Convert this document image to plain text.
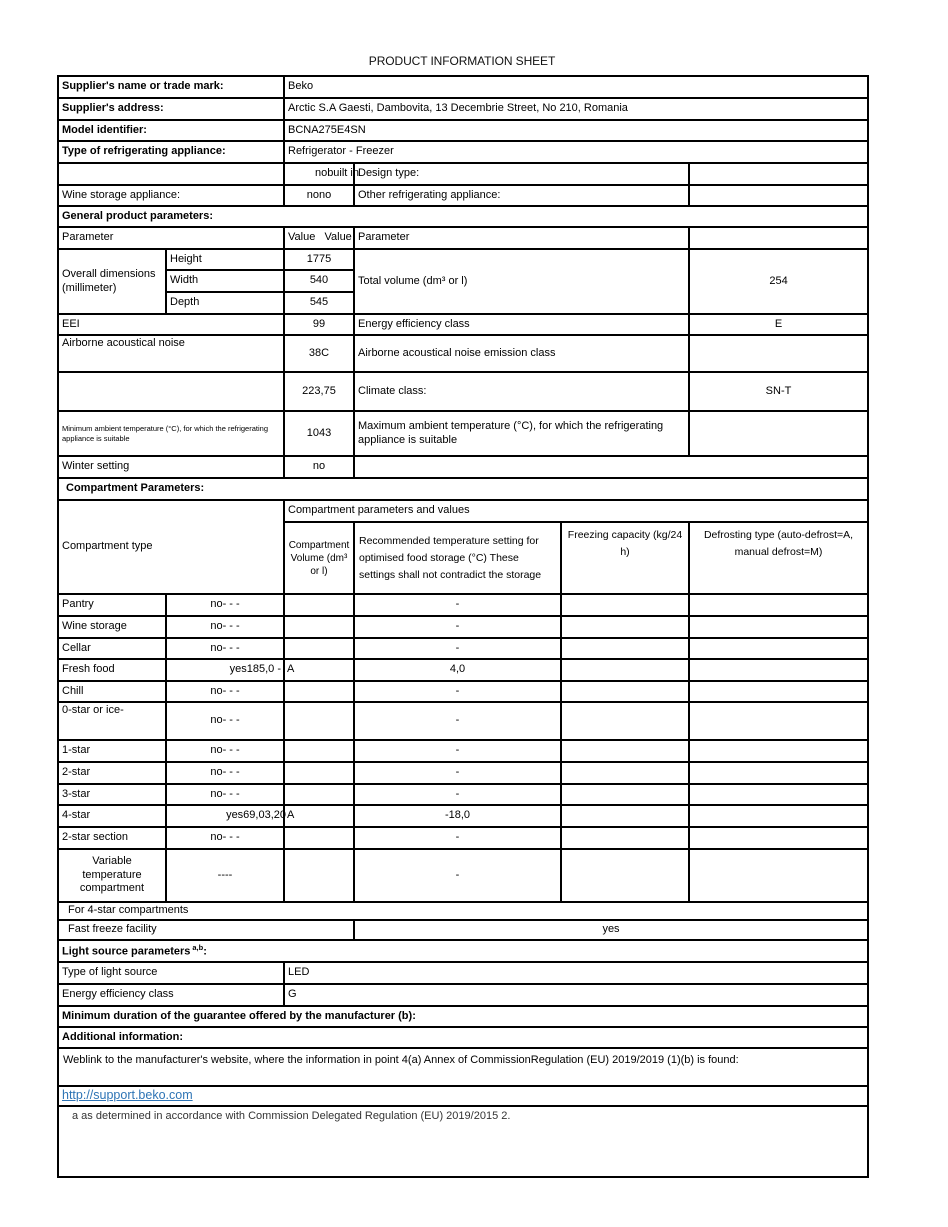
PRODUCT INFORMATION SHEET
Supplier's name or trade mark:		Beko			
Supplier's address:		Arctic S.A Gaesti, Dambovita, 13 Decembrie Street, No 210, Romania			
Model identifier:		BCNA275E4SN			
Type of refrigerating appliance:		Refrigerator - Freezer			

		nobuilt in	Design type:		
Wine storage appliance:		nono	Other refrigerating appliance:		
General product parameters:					
Parameter		Value   Value	Parameter		
Overall dimensions (millimeter)	Height	1775	Total volume (dm³ or l)		254
	Width	540			
	Depth	545			
EEI		99	Energy efficiency class		E
Airborne acoustical noise		38C	Airborne acoustical noise emission class		
		223,75	Climate class:		SN-T
Minimum ambient temperature (°C), for which the refrigerating appliance is suitable		1043	Maximum ambient temperature (°C), for which the refrigerating appliance is suitable		
Winter setting		no			
Compartment Parameters:					
Compartment type		Compartment parameters and values			
		Compartment Volume (dm³ or l)	Recommended temperature setting for optimised food storage (°C) These settings shall not contradict the storage	Freezing capacity (kg/24 h)	Defrosting type (auto-defrost=A, manual defrost=M)
Pantry	no- - -		-		
Wine storage	no- - -		-		
Cellar	no- - -		-		
Fresh food	yes185,0 -	A	4,0		
Chill	no- - -		-		
0-star or ice-	no- - -		-		
1-star	no- - -		-		
2-star	no- - -		-		
3-star	no- - -		-		
4-star	yes69,03,20	A	-18,0		
2-star section	no- - -		-		
Variable temperature compartment	----		-		
For 4-star compartments					
Fast freeze facility			yes		
Light source parameters $^{a,b}$:					
Type of light source		LED			
Energy efficiency class		G			
Minimum duration of the guarantee offered by the manufacturer (b):					
Additional information:					
Weblink to the manufacturer's website, where the information in point 4(a) Annex of CommissionRegulation (EU) 2019/2019 (1)(b) is found:					
http://support.beko.com					
a as determined in accordance with Commission Delegated Regulation (EU) 2019/2015 2.					
